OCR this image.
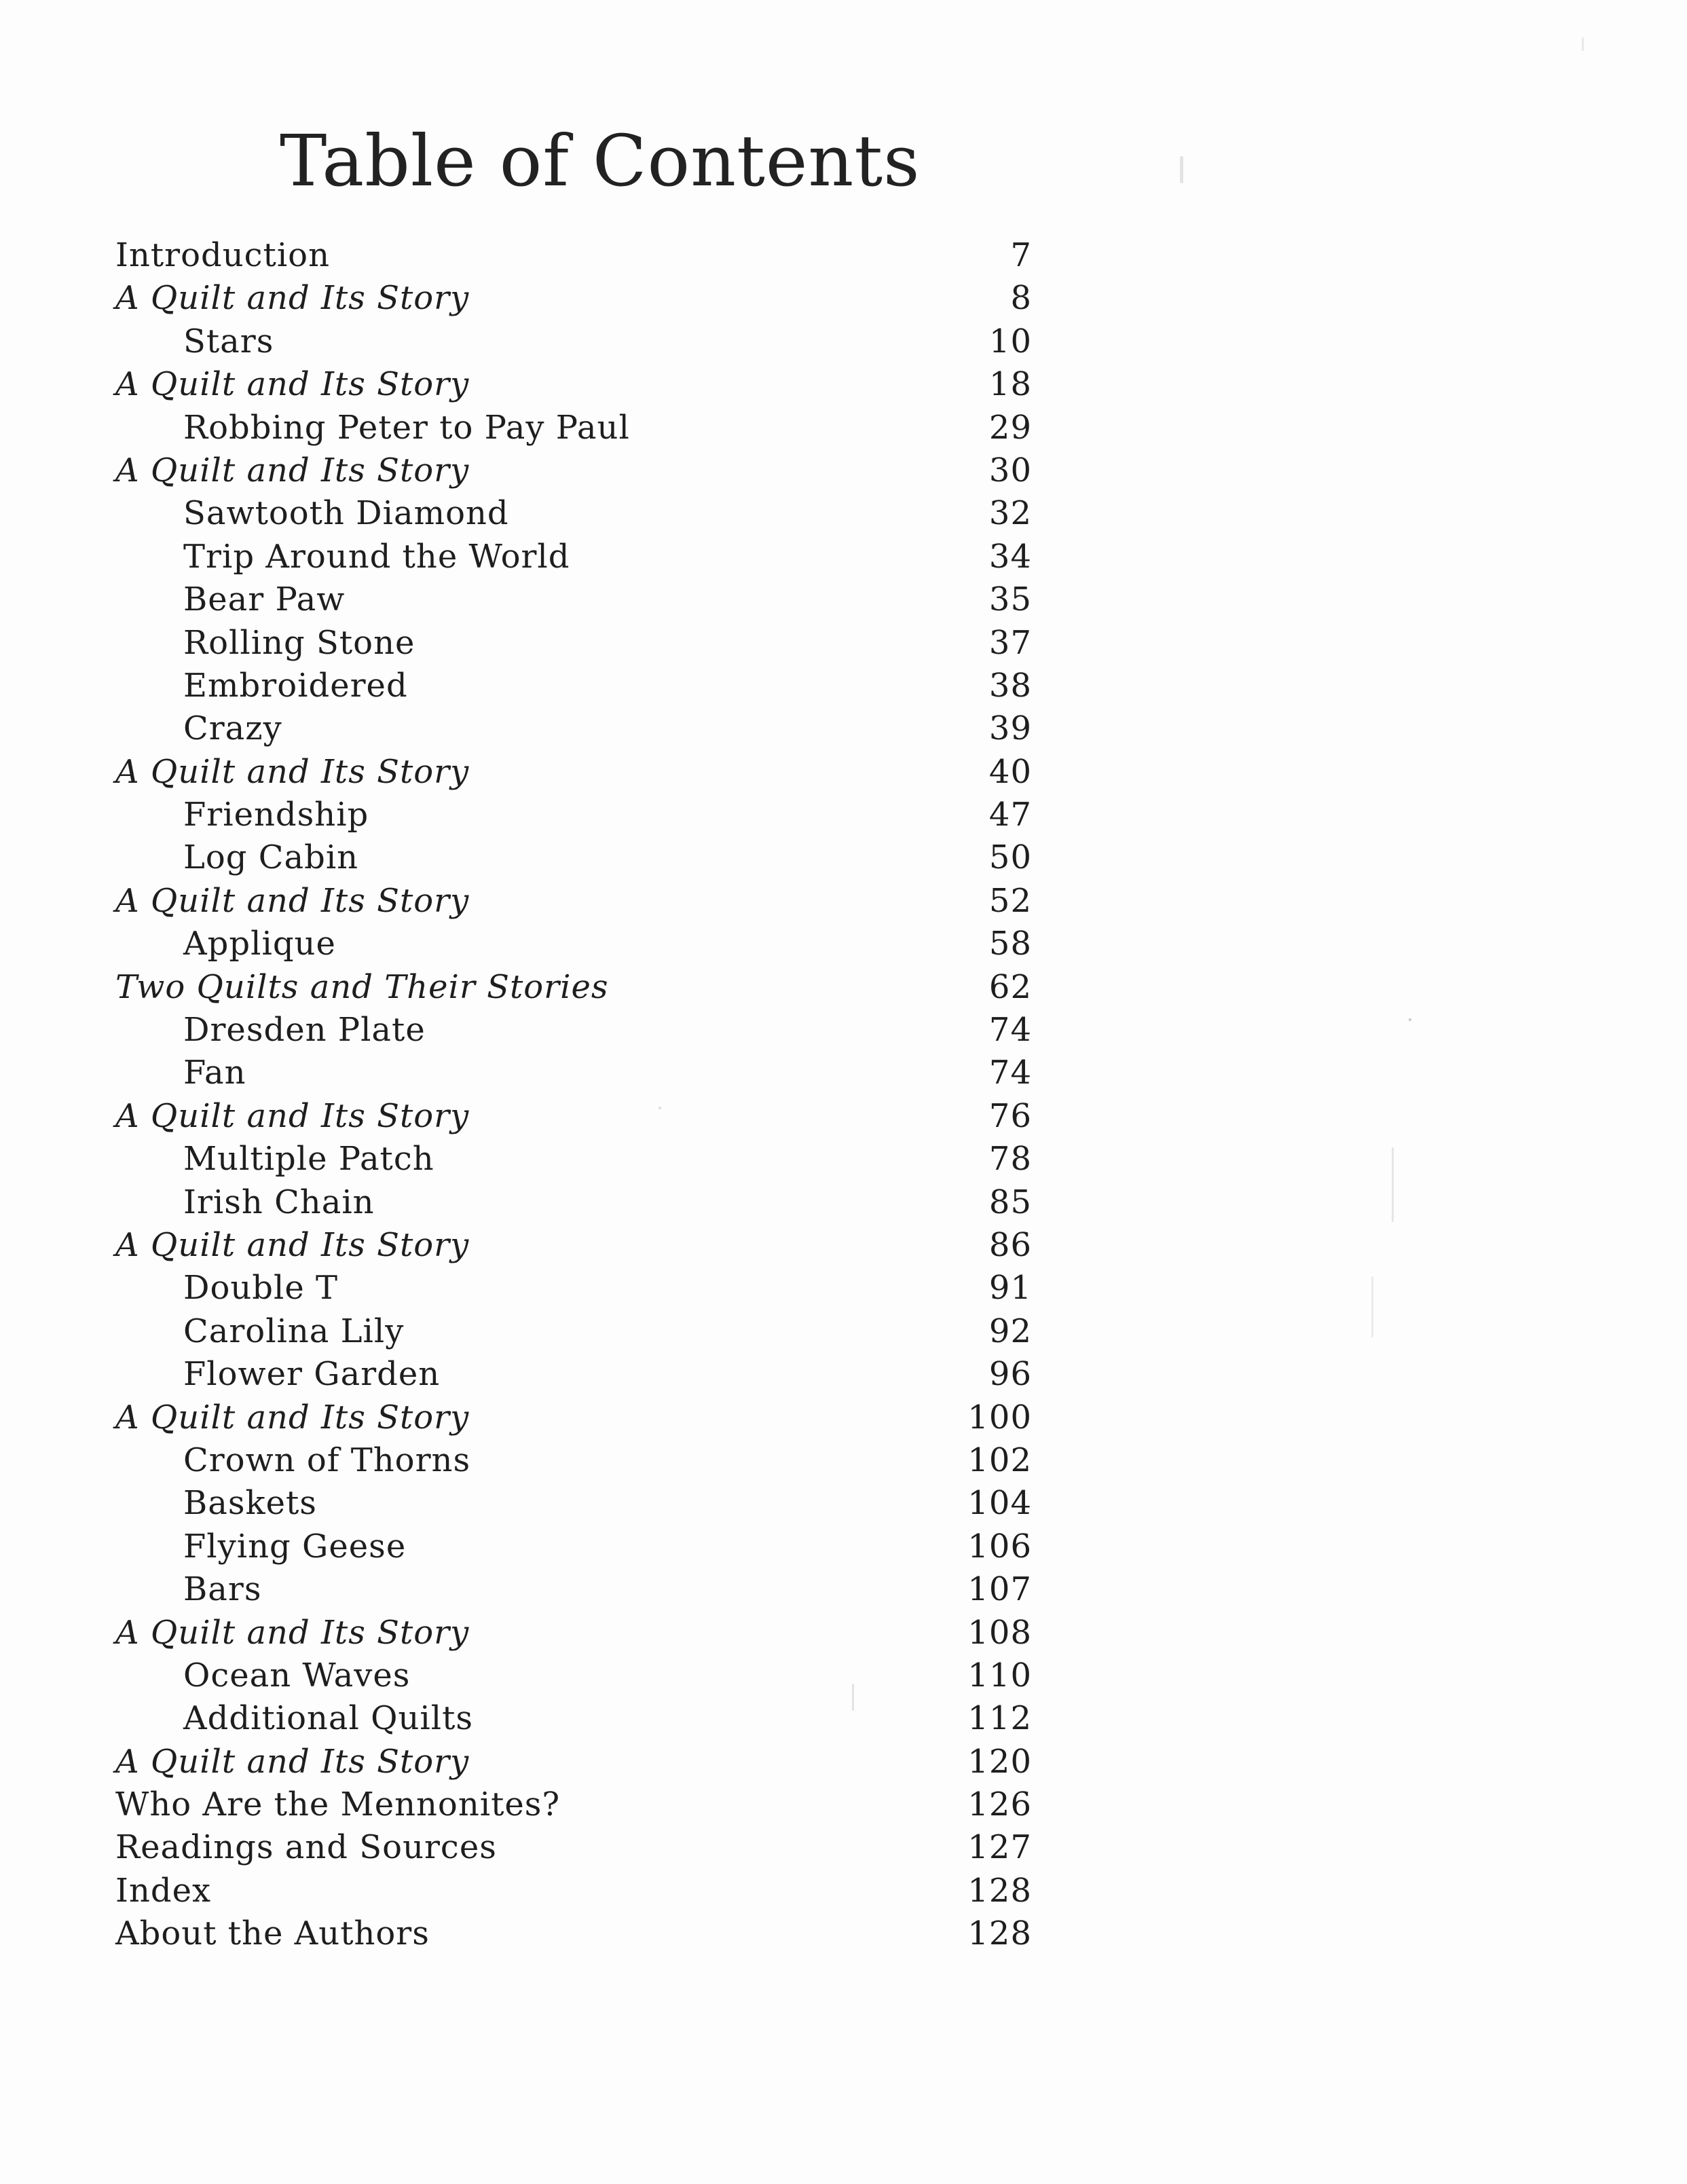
Table of Contents
Introduction	7
A Quilt and Its Story	8
Stars	10
A Quilt and Its Story	18
Robbing Peter to Pay Paul	29
A Quilt and Its Story	30
Sawtooth Diamond	32
Trip Around the World	34
Bear Paw	35
Rolling Stone	37
Embroidered	38
Crazy	39
A Quilt and Its Story	40
Friendship	47
Log Cabin	50
A Quilt and Its Story	52
Applique	58
Two Quilts and Their Stories	62
Dresden Plate	74
Fan	74
A Quilt and Its Story	76
Multiple Patch	78
Irish Chain	85
A Quilt and Its Story	86
Double T	91
Carolina Lily	92
Flower Garden	96
A Quilt and Its Story	100
Crown of Thorns	102
Baskets	104
Flying Geese	106
Bars	107
A Quilt and Its Story	108
Ocean Waves	110
Additional Quilts	112
A Quilt and Its Story	120
Who Are the Mennonites?	126
Readings and Sources	127
Index	128
About the Authors	128
